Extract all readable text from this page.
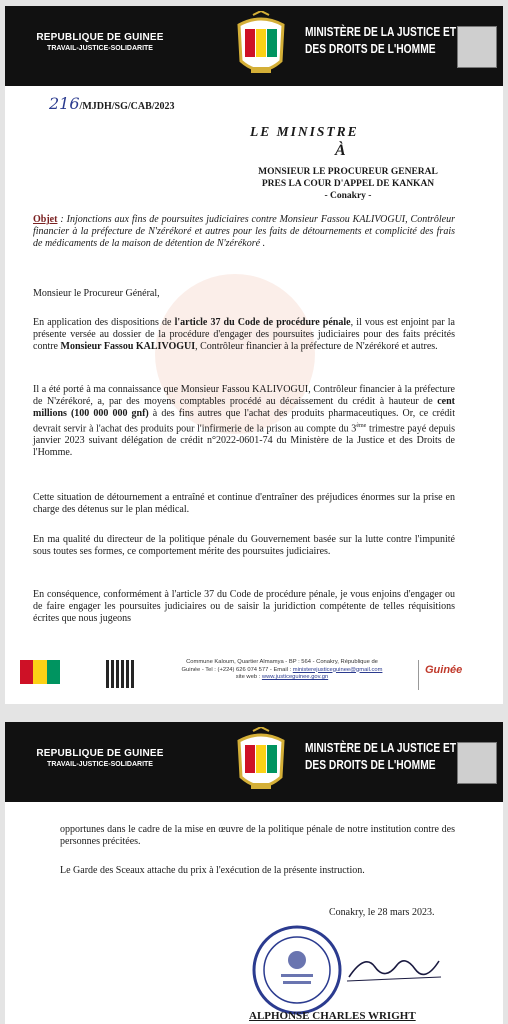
REPUBLIQUE DE GUINEE
TRAVAIL-JUSTICE-SOLIDARITE
MINISTÈRE DE LA JUSTICE ET
DES DROITS DE L'HOMME
216/MJDH/SG/CAB/2023
LE MINISTRE
À
MONSIEUR LE PROCUREUR GENERAL
PRES LA COUR D'APPEL DE KANKAN
- Conakry -
Objet : Injonctions aux fins de poursuites judiciaires contre Monsieur Fassou KALIVOGUI, Contrôleur financier à la préfecture de N'zérékoré et autres pour les faits de détournements et complicité des frais de médicaments de la maison de détention de N'zérékoré .
Monsieur le Procureur Général,
En application des dispositions de l'article 37 du Code de procédure pénale, il vous est enjoint par la présente versée au dossier de la procédure d'engager des poursuites judiciaires pour des faits précités contre Monsieur Fassou KALIVOGUI, Contrôleur financier à la préfecture de N'zérékoré et autres.
Il a été porté à ma connaissance que Monsieur Fassou KALIVOGUI, Contrôleur financier à la préfecture de N'zérékoré, a, par des moyens comptables procédé au décaissement du crédit à hauteur de cent millions (100 000 000 gnf) à des fins autres que l'achat des produits pharmaceutiques. Or, ce crédit devrait servir à l'achat des produits pour l'infirmerie de la prison au compte du 3ème trimestre payé depuis janvier 2023 suivant délégation de crédit n°2022-0601-74 du Ministère de la Justice et des Droits de l'Homme.
Cette situation de détournement a entraîné et continue d'entraîner des préjudices énormes sur la prise en charge des détenus sur le plan médical.
En ma qualité du directeur de la politique pénale du Gouvernement basée sur la lutte contre l'impunité sous toutes ses formes, ce comportement mérite des poursuites judiciaires.
En conséquence, conformément à l'article 37 du Code de procédure pénale, je vous enjoins d'engager ou de faire engager les poursuites judiciaires ou de saisir la juridiction compétente de telles réquisitions écrites que nous jugeons
Commune Kaloum, Quartier Almamya - BP : 564 - Conakry, République de
Guinée - Tel : (+224) 626 074 577 - Email : ministerejusticeguinee@gmail.com
site web : www.justiceguinee.gov.gn
Guinée
REPUBLIQUE DE GUINEE
TRAVAIL-JUSTICE-SOLIDARITE
MINISTÈRE DE LA JUSTICE ET
DES DROITS DE L'HOMME
opportunes dans le cadre de la mise en œuvre de la politique pénale de notre institution contre des personnes précitées.
Le Garde des Sceaux attache du prix à l'exécution de la présente instruction.
Conakry, le 28 mars 2023.
ALPHONSE CHARLES WRIGHT
